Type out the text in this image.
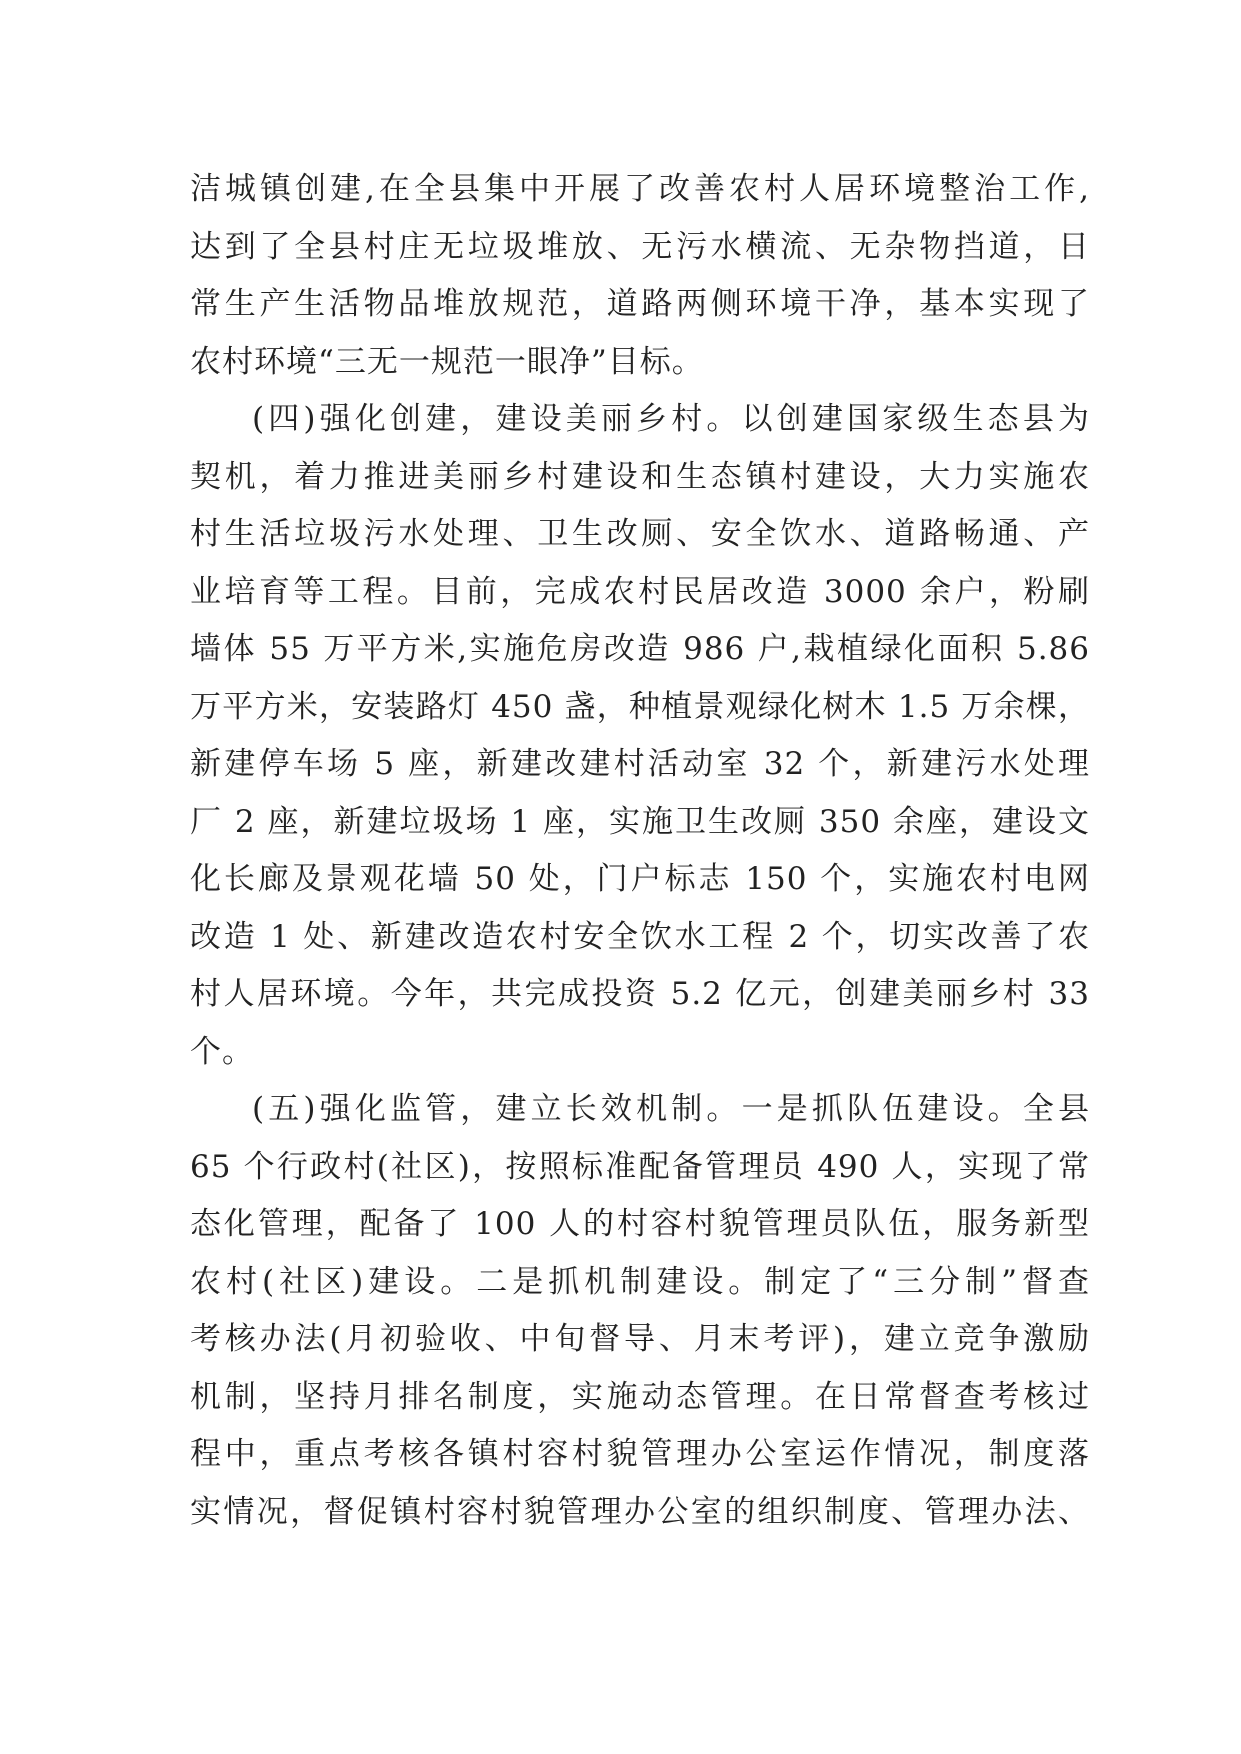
洁城镇创建,在全县集中开展了改善农村人居环境整治工作,
达到了全县村庄无垃圾堆放、无污水横流、无杂物挡道，日
常生产生活物品堆放规范，道路两侧环境干净，基本实现了
农村环境“三无一规范一眼净”目标。
(四)强化创建，建设美丽乡村。以创建国家级生态县为
契机，着力推进美丽乡村建设和生态镇村建设，大力实施农
村生活垃圾污水处理、卫生改厕、安全饮水、道路畅通、产
业培育等工程。目前，完成农村民居改造 3000 余户，粉刷
墙体 55 万平方米,实施危房改造 986 户,栽植绿化面积 5.86
万平方米，安装路灯 450 盏，种植景观绿化树木 1.5 万余棵，
新建停车场 5 座，新建改建村活动室 32 个，新建污水处理
厂 2 座，新建垃圾场 1 座，实施卫生改厕 350 余座，建设文
化长廊及景观花墙 50 处，门户标志 150 个，实施农村电网
改造 1 处、新建改造农村安全饮水工程 2 个，切实改善了农
村人居环境。今年，共完成投资 5.2 亿元，创建美丽乡村 33
个。
(五)强化监管，建立长效机制。一是抓队伍建设。全县
65 个行政村(社区)，按照标准配备管理员 490 人，实现了常
态化管理，配备了 100 人的村容村貌管理员队伍，服务新型
农村(社区)建设。二是抓机制建设。制定了“三分制”督查
考核办法(月初验收、中旬督导、月末考评)，建立竞争激励
机制，坚持月排名制度，实施动态管理。在日常督查考核过
程中，重点考核各镇村容村貌管理办公室运作情况，制度落
实情况，督促镇村容村貌管理办公室的组织制度、管理办法、
